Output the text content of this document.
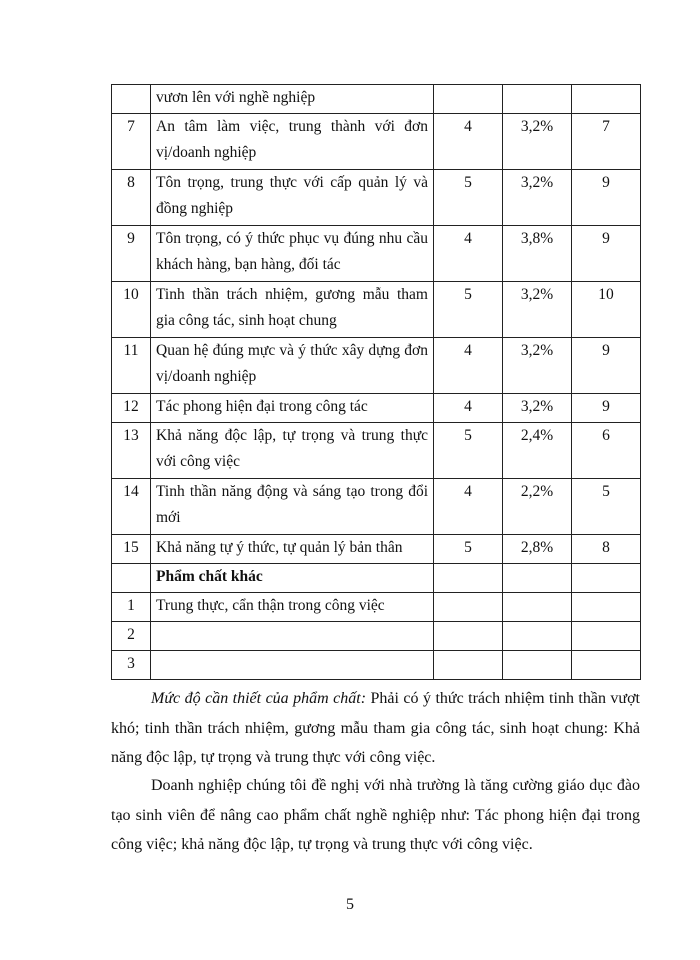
	vươn lên với nghề nghiệp			
7	An tâm làm việc, trung thành với đơn vị/doanh nghiệp	4	3,2%	7
8	Tôn trọng, trung thực với cấp quản lý và đồng nghiệp	5	3,2%	9
9	Tôn trọng, có ý thức phục vụ đúng nhu cầu khách hàng, bạn hàng, đối tác	4	3,8%	9
10	Tinh thần trách nhiệm, gương mẫu tham gia công tác, sinh hoạt chung	5	3,2%	10
11	Quan hệ đúng mực và ý thức xây dựng đơn vị/doanh nghiệp	4	3,2%	9
12	Tác phong hiện đại trong công tác	4	3,2%	9
13	Khả năng độc lập, tự trọng và trung thực với công việc	5	2,4%	6
14	Tinh thần năng động và sáng tạo trong đổi mới	4	2,2%	5
15	Khả năng tự ý thức, tự quản lý bản thân	5	2,8%	8
	Phẩm chất khác			
1	Trung thực, cẩn thận trong công việc			
2				
3				

Mức độ cần thiết của phẩm chất: Phải có ý thức trách nhiệm tinh thần vượt khó; tinh thần trách nhiệm, gương mẫu tham gia công tác, sinh hoạt chung: Khả năng độc lập, tự trọng và trung thực với công việc.

Doanh nghiệp chúng tôi đề nghị với nhà trường là tăng cường giáo dục đào tạo sinh viên để nâng cao phẩm chất nghề nghiệp như: Tác phong hiện đại trong công việc; khả năng độc lập, tự trọng và trung thực với công việc.

5
